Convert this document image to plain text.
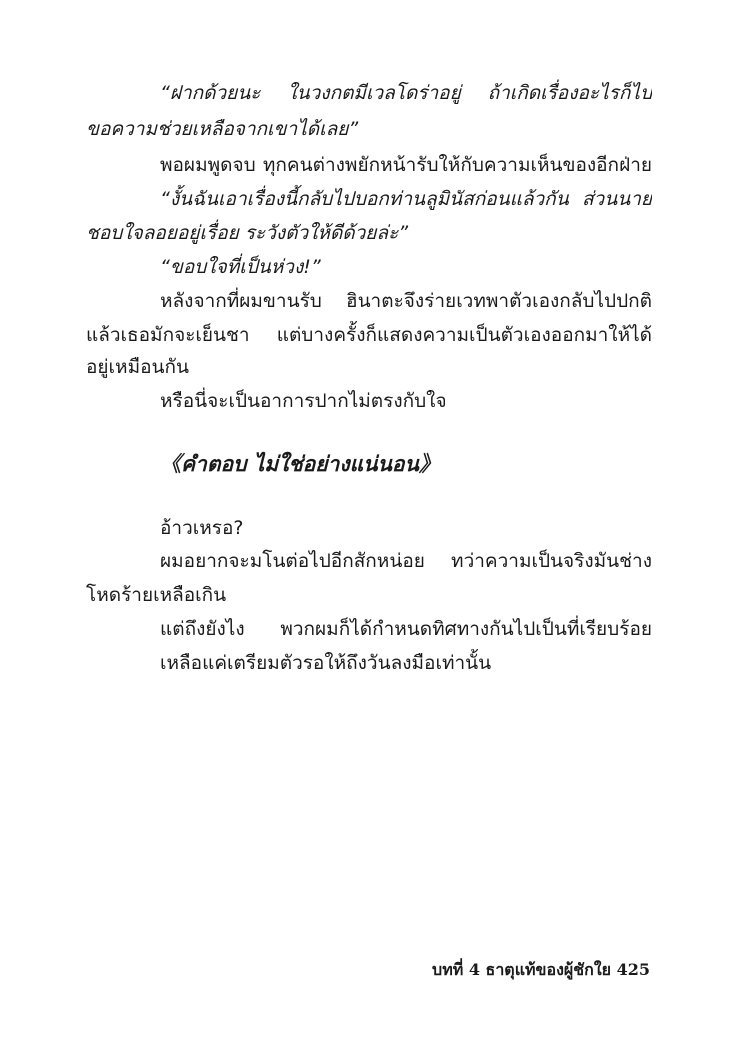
“ฝากด้วยนะ ในวงกตมีเวลโดร่าอยู่ ถ้าเกิดเรื่องอะไรก็ไป
ขอความช่วยเหลือจากเขาได้เลย”
พอผมพูดจบ ทุกคนต่างพยักหน้ารับให้กับความเห็นของอีกฝ่าย
“งั้นฉันเอาเรื่องนี้กลับไปบอกท่านลูมินัสก่อนแล้วกัน ส่วนนาย
ชอบใจลอยอยู่เรื่อย ระวังตัวให้ดีด้วยล่ะ”
“ขอบใจที่เป็นห่วง!”
หลังจากที่ผมขานรับ ฮินาตะจึงร่ายเวทพาตัวเองกลับไปปกติ
แล้วเธอมักจะเย็นชา แต่บางครั้งก็แสดงความเป็นตัวเองออกมาให้ได้
อยู่เหมือนกัน
หรือนี่จะเป็นอาการปากไม่ตรงกับใจ
《คำตอบ ไม่ใช่อย่างแน่นอน》
อ้าวเหรอ?
ผมอยากจะมโนต่อไปอีกสักหน่อย ทว่าความเป็นจริงมันช่าง
โหดร้ายเหลือเกิน
แต่ถึงยังไง พวกผมก็ได้กำหนดทิศทางกันไปเป็นที่เรียบร้อย
เหลือแค่เตรียมตัวรอให้ถึงวันลงมือเท่านั้น
บทที่ 4 ธาตุแท้ของผู้ชักใย 425
